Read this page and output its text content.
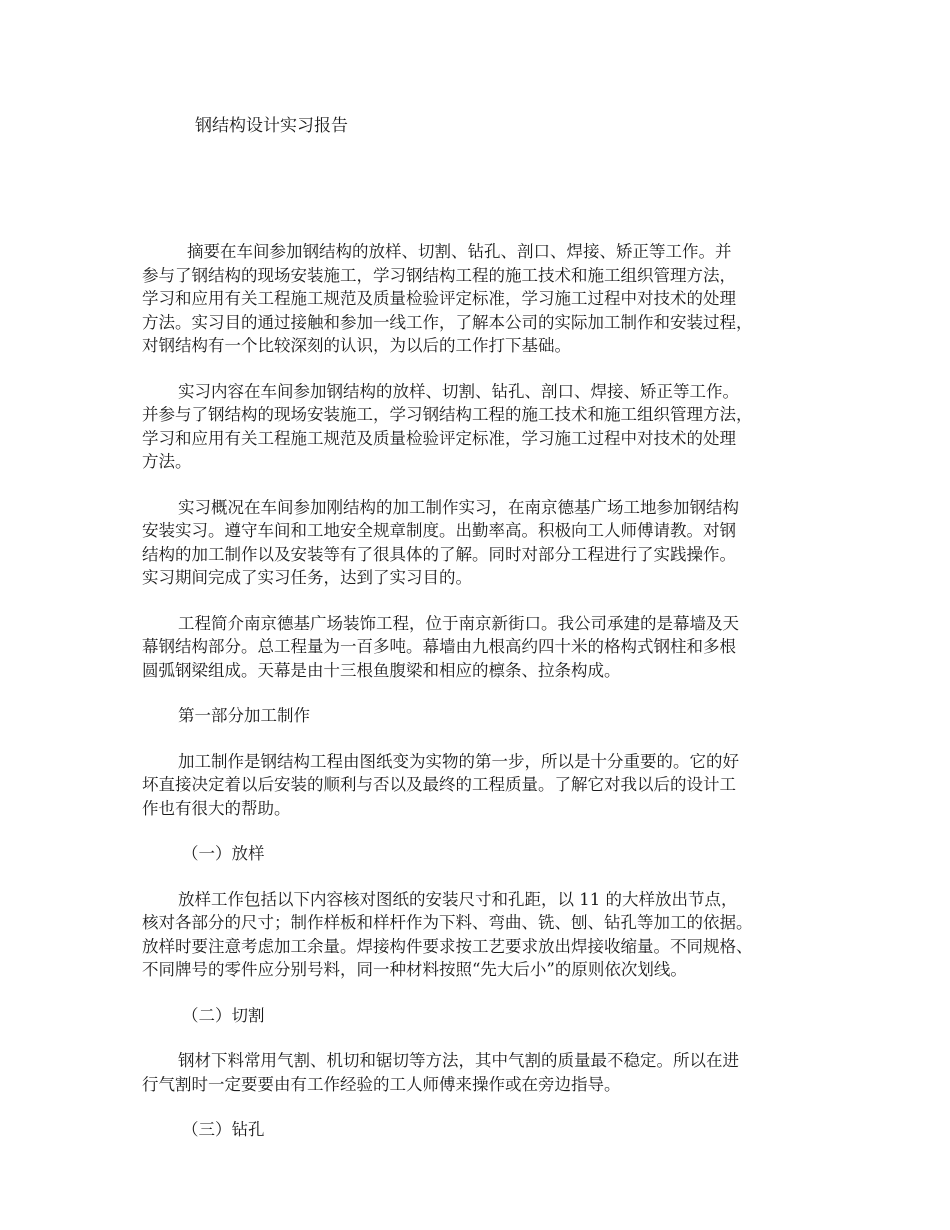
钢结构设计实习报告

摘要在车间参加钢结构的放样、切割、钻孔、剖口、焊接、矫正等工作。并
参与了钢结构的现场安装施工，学习钢结构工程的施工技术和施工组织管理方法，
学习和应用有关工程施工规范及质量检验评定标准，学习施工过程中对技术的处理
方法。实习目的通过接触和参加一线工作，了解本公司的实际加工制作和安装过程，
对钢结构有一个比较深刻的认识，为以后的工作打下基础。

实习内容在车间参加钢结构的放样、切割、钻孔、剖口、焊接、矫正等工作。
并参与了钢结构的现场安装施工，学习钢结构工程的施工技术和施工组织管理方法，
学习和应用有关工程施工规范及质量检验评定标准，学习施工过程中对技术的处理
方法。

实习概况在车间参加刚结构的加工制作实习，在南京德基广场工地参加钢结构
安装实习。遵守车间和工地安全规章制度。出勤率高。积极向工人师傅请教。对钢
结构的加工制作以及安装等有了很具体的了解。同时对部分工程进行了实践操作。
实习期间完成了实习任务，达到了实习目的。

工程简介南京德基广场装饰工程，位于南京新街口。我公司承建的是幕墙及天
幕钢结构部分。总工程量为一百多吨。幕墙由九根高约四十米的格构式钢柱和多根
圆弧钢梁组成。天幕是由十三根鱼腹梁和相应的檩条、拉条构成。

第一部分加工制作

加工制作是钢结构工程由图纸变为实物的第一步，所以是十分重要的。它的好
坏直接决定着以后安装的顺利与否以及最终的工程质量。了解它对我以后的设计工
作也有很大的帮助。

（一）放样

放样工作包括以下内容核对图纸的安装尺寸和孔距，以 11 的大样放出节点，
核对各部分的尺寸；制作样板和样杆作为下料、弯曲、铣、刨、钻孔等加工的依据。
放样时要注意考虑加工余量。焊接构件要求按工艺要求放出焊接收缩量。不同规格、
不同牌号的零件应分别号料，同一种材料按照“先大后小”的原则依次划线。

（二）切割

钢材下料常用气割、机切和锯切等方法，其中气割的质量最不稳定。所以在进
行气割时一定要要由有工作经验的工人师傅来操作或在旁边指导。

（三）钻孔
